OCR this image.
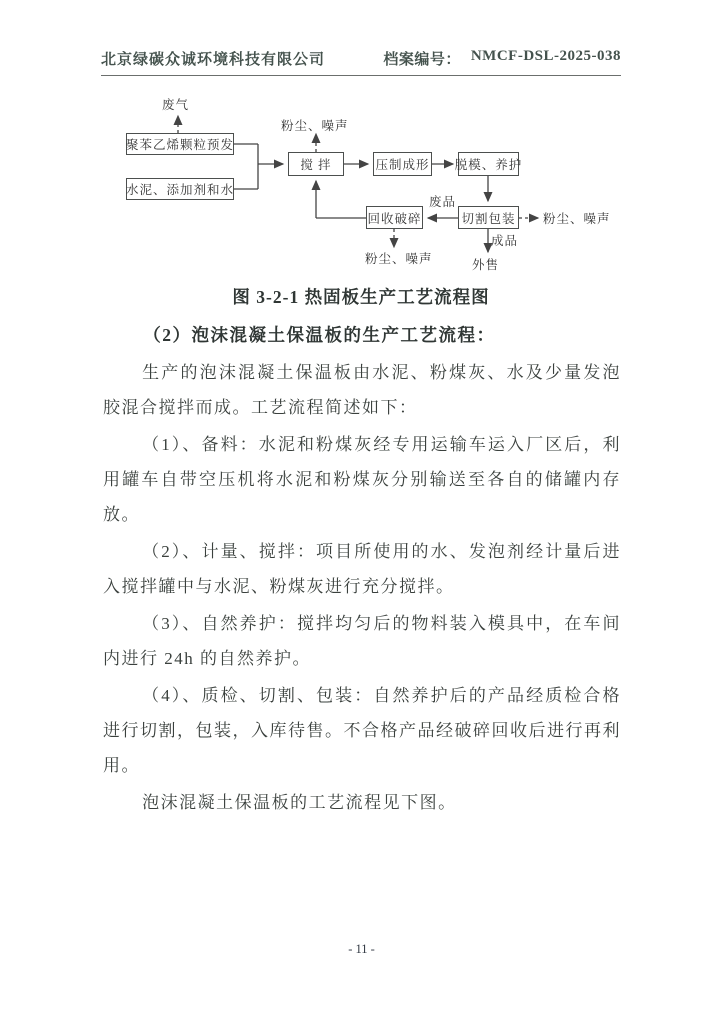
北京绿碳众诚环境科技有限公司	档案编号： NMCF-DSL-2025-038
聚苯乙烯颗粒预发
水泥、添加剂和水
搅 拌	压制成形 脱模、养护
切割包装
回收破碎
废气
粉尘、噪声
废品
粉尘、噪声
成品
外售
粉尘、噪声
图 3-2-1 热固板生产工艺流程图

（2）泡沫混凝土保温板的生产工艺流程：

生产的泡沫混凝土保温板由水泥、粉煤灰、水及少量发泡胶混合搅拌而成。工艺流程简述如下：

（1）、备料：水泥和粉煤灰经专用运输车运入厂区后，利用罐车自带空压机将水泥和粉煤灰分别输送至各自的储罐内存放。

（2）、计量、搅拌：项目所使用的水、发泡剂经计量后进入搅拌罐中与水泥、粉煤灰进行充分搅拌。

（3）、自然养护：搅拌均匀后的物料装入模具中，在车间内进行 24h 的自然养护。

（4）、质检、切割、包装：自然养护后的产品经质检合格进行切割，包装，入库待售。不合格产品经破碎回收后进行再利用。

泡沫混凝土保温板的工艺流程见下图。

- 11 -
